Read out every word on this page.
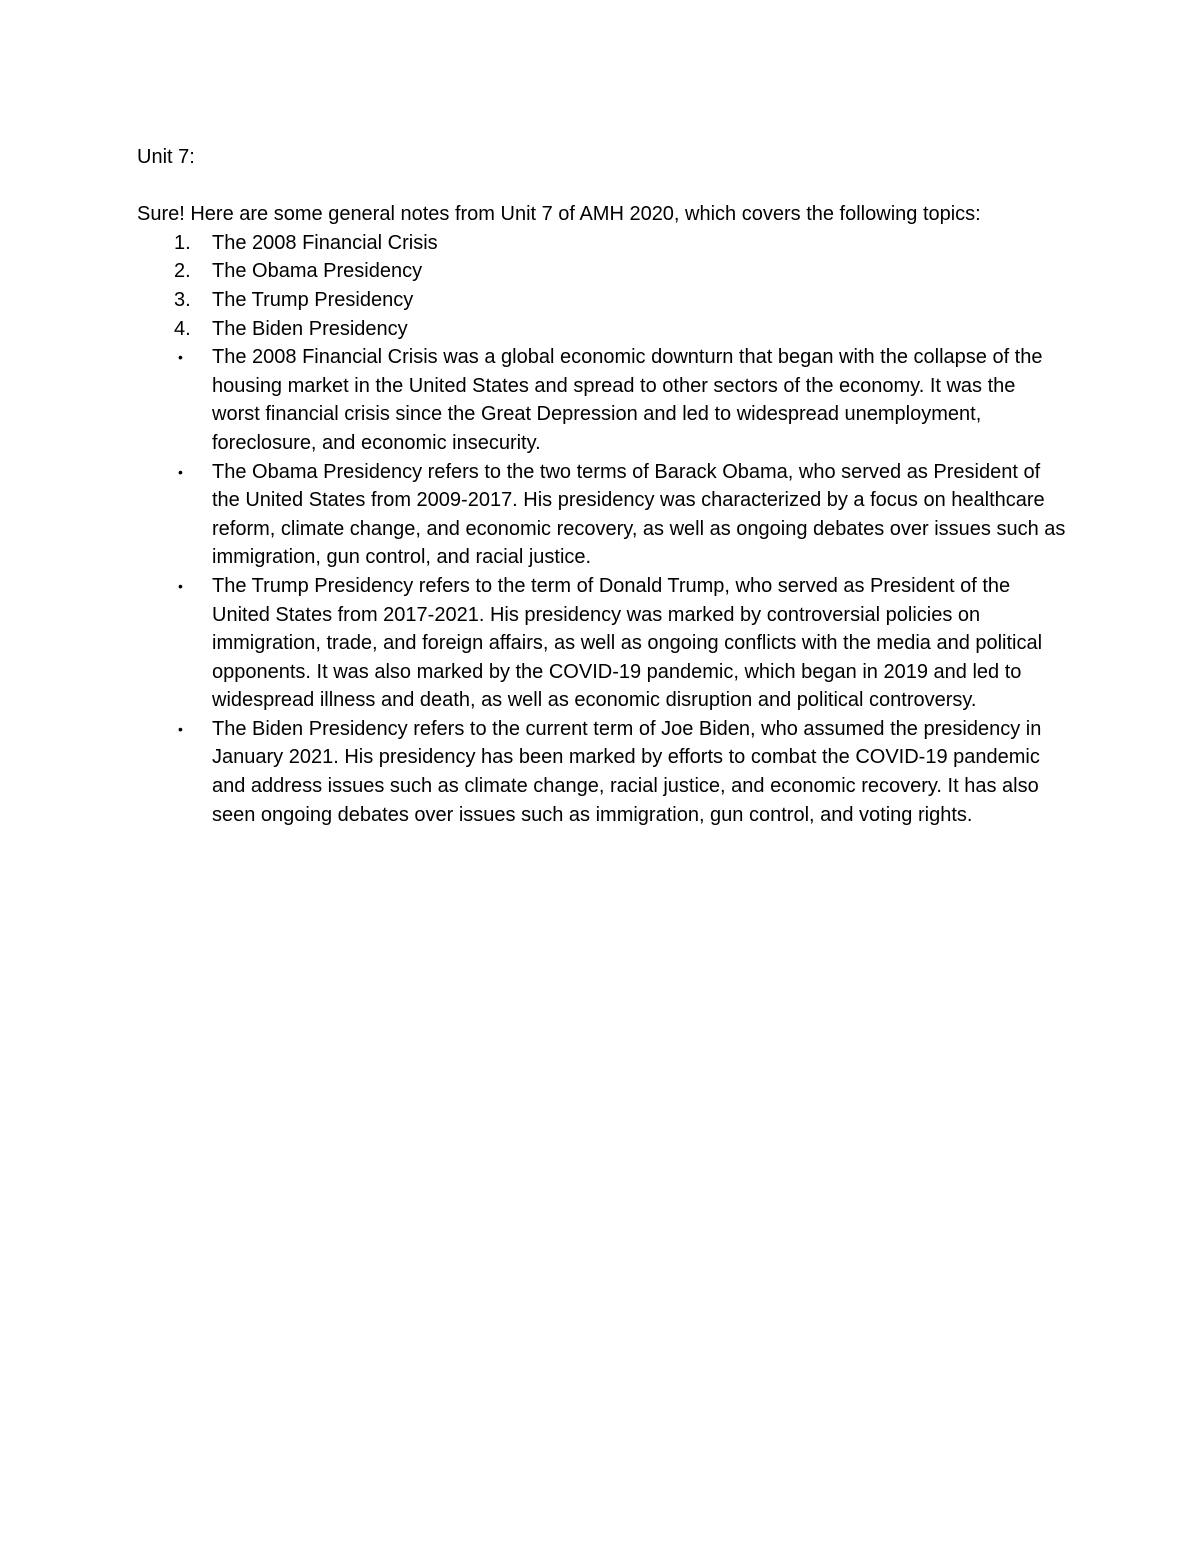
Unit 7:

Sure! Here are some general notes from Unit 7 of AMH 2020, which covers the following topics:

1.	The 2008 Financial Crisis
2.	The Obama Presidency
3.	The Trump Presidency
4.	The Biden Presidency
•	The 2008 Financial Crisis was a global economic downturn that began with the collapse of the housing market in the United States and spread to other sectors of the economy. It was the worst financial crisis since the Great Depression and led to widespread unemployment, foreclosure, and economic insecurity.
•	The Obama Presidency refers to the two terms of Barack Obama, who served as President of the United States from 2009-2017. His presidency was characterized by a focus on healthcare reform, climate change, and economic recovery, as well as ongoing debates over issues such as immigration, gun control, and racial justice.
•	The Trump Presidency refers to the term of Donald Trump, who served as President of the United States from 2017-2021. His presidency was marked by controversial policies on immigration, trade, and foreign affairs, as well as ongoing conflicts with the media and political opponents. It was also marked by the COVID-19 pandemic, which began in 2019 and led to widespread illness and death, as well as economic disruption and political controversy.
•	The Biden Presidency refers to the current term of Joe Biden, who assumed the presidency in January 2021. His presidency has been marked by efforts to combat the COVID-19 pandemic and address issues such as climate change, racial justice, and economic recovery. It has also seen ongoing debates over issues such as immigration, gun control, and voting rights.
